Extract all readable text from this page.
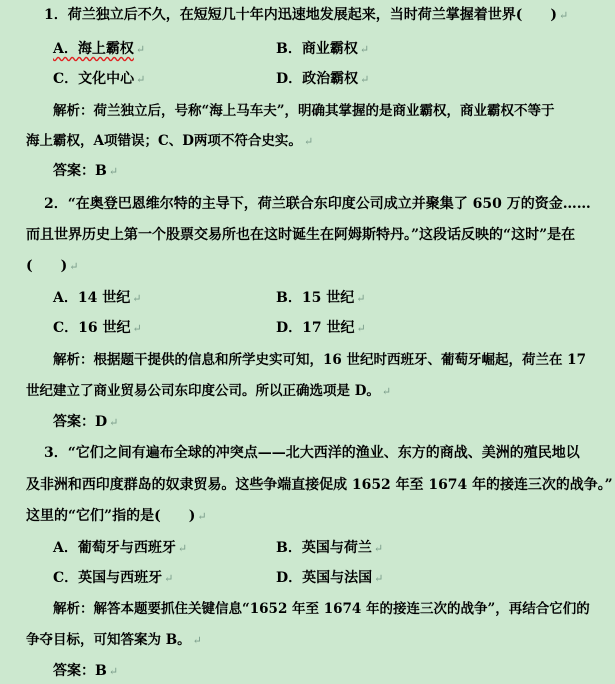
1．荷兰独立后不久，在短短几十年内迅速地发展起来，当时荷兰掌握着世界(　　) ↵
A．海上霸权 ↵	B．商业霸权 ↵
C．文化中心 ↵	D．政治霸权 ↵
解析：荷兰独立后，号称“海上马车夫”，明确其掌握的是商业霸权，商业霸权不等于
海上霸权，A项错误；C、D两项不符合史实。 ↵
答案：B ↵
2．“在奥登巴恩维尔特的主导下，荷兰联合东印度公司成立并聚集了 650 万的资金……
而且世界历史上第一个股票交易所也在这时诞生在阿姆斯特丹。”这段话反映的“这时”是在
(　　) ↵
A．14 世纪 ↵	B．15 世纪 ↵
C．16 世纪 ↵	D．17 世纪 ↵
解析：根据题干提供的信息和所学史实可知，16 世纪时西班牙、葡萄牙崛起，荷兰在 17
世纪建立了商业贸易公司东印度公司。所以正确选项是 D。 ↵
答案：D ↵
3．“它们之间有遍布全球的冲突点——北大西洋的渔业、东方的商战、美洲的殖民地以
及非洲和西印度群岛的奴隶贸易。这些争端直接促成 1652 年至 1674 年的接连三次的战争。”
这里的“它们”指的是(　　) ↵
A．葡萄牙与西班牙 ↵	B．英国与荷兰 ↵
C．英国与西班牙 ↵	D．英国与法国 ↵
解析：解答本题要抓住关键信息“1652 年至 1674 年的接连三次的战争”，再结合它们的
争夺目标，可知答案为 B。 ↵
答案：B ↵
